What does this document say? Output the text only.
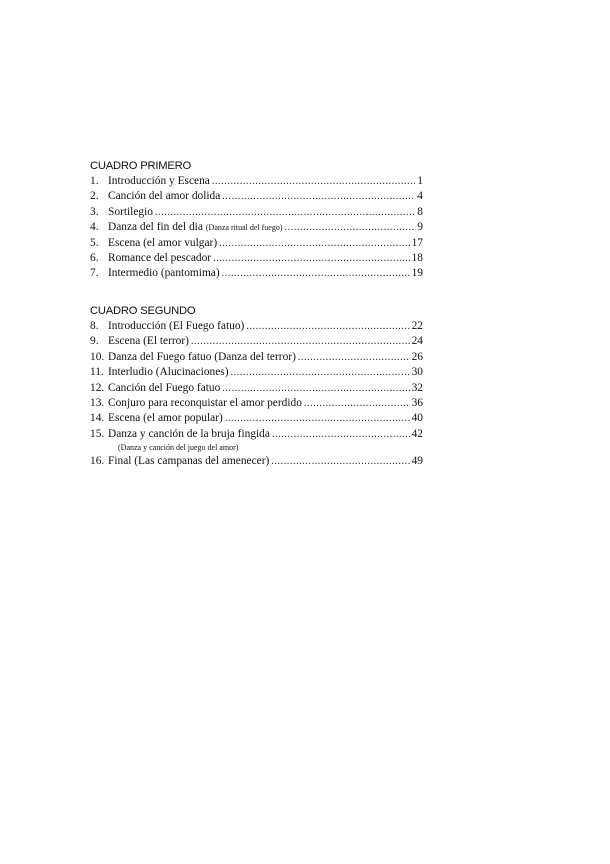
CUADRO PRIMERO
1. Introducción y Escena .....	1
2. Canción del amor dolida .....	4
3. Sortilegio .....	8
4. Danza del fin del dia (Danza ritual del fuego) .....	9
5. Escena (el amor vulgar) .....	17
6. Romance del pescador .....	18
7. Intermedio (pantomima) .....	19
CUADRO SEGUNDO
8. Introducción (El Fuego fatuo) .....	22
9. Escena (El terror) .....	24
10. Danza del Fuego fatuo (Danza del terror) .....	26
11. Interludio (Alucinaciones) .....	30
12. Canción del Fuego fatuo .....	32
13. Conjuro para reconquistar el amor perdido .....	36
14. Escena (el amor popular) .....	40
15. Danza y canción de la bruja fingida .....	42
(Danza y canción del juego del amor)
16. Final (Las campanas del amenecer) .....	49
